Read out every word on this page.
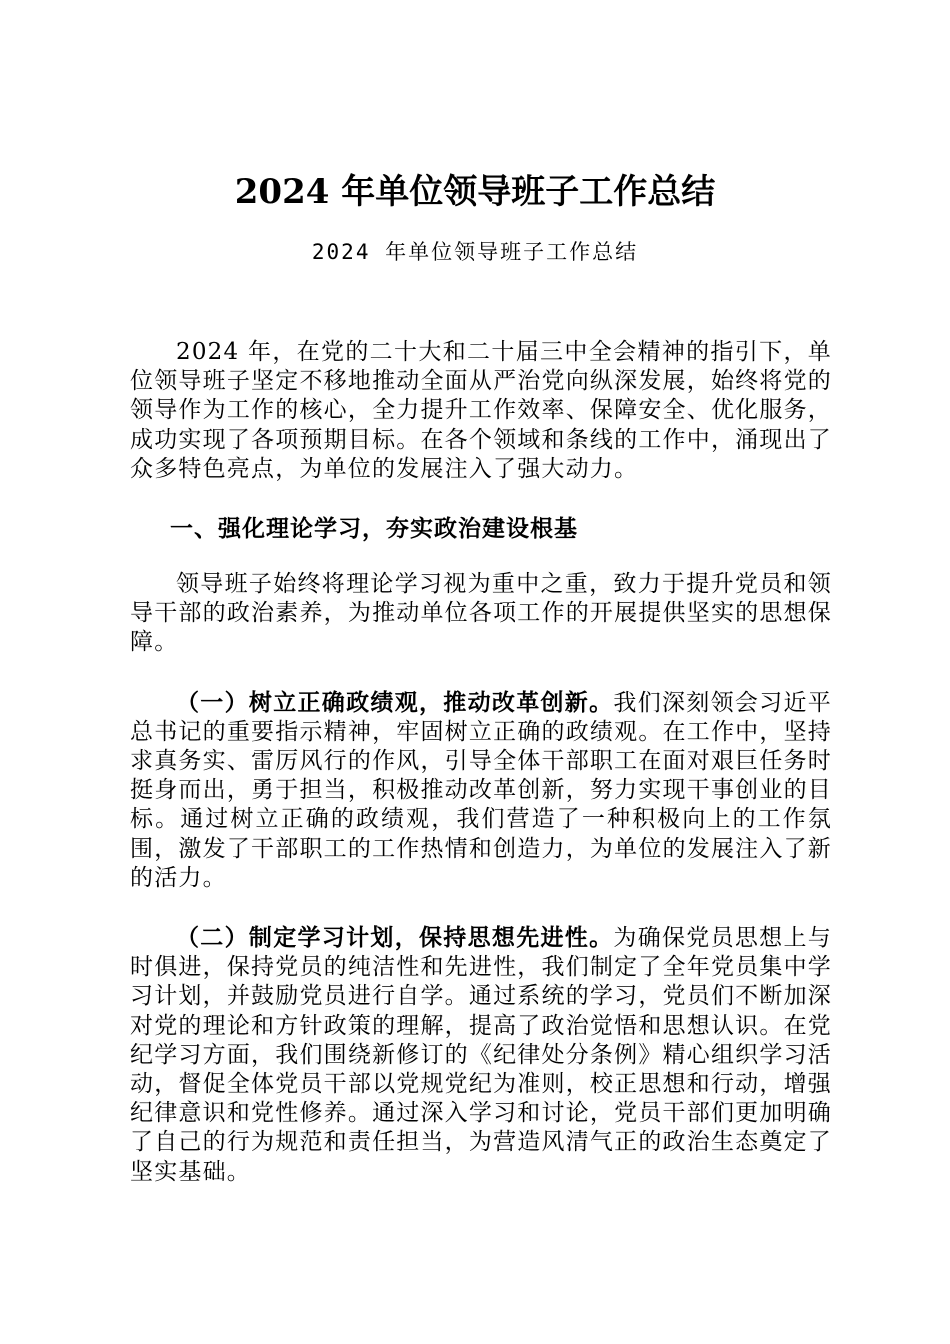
2024 年单位领导班子工作总结

2024 年单位领导班子工作总结

2024 年，在党的二十大和二十届三中全会精神的指引下，单位领导班子坚定不移地推动全面从严治党向纵深发展，始终将党的领导作为工作的核心，全力提升工作效率、保障安全、优化服务，成功实现了各项预期目标。在各个领域和条线的工作中，涌现出了众多特色亮点，为单位的发展注入了强大动力。

一、强化理论学习，夯实政治建设根基

领导班子始终将理论学习视为重中之重，致力于提升党员和领导干部的政治素养，为推动单位各项工作的开展提供坚实的思想保障。

（一）树立正确政绩观，推动改革创新。我们深刻领会习近平总书记的重要指示精神，牢固树立正确的政绩观。在工作中，坚持求真务实、雷厉风行的作风，引导全体干部职工在面对艰巨任务时挺身而出，勇于担当，积极推动改革创新，努力实现干事创业的目标。通过树立正确的政绩观，我们营造了一种积极向上的工作氛围，激发了干部职工的工作热情和创造力，为单位的发展注入了新的活力。

（二）制定学习计划，保持思想先进性。为确保党员思想上与时俱进，保持党员的纯洁性和先进性，我们制定了全年党员集中学习计划，并鼓励党员进行自学。通过系统的学习，党员们不断加深对党的理论和方针政策的理解，提高了政治觉悟和思想认识。在党纪学习方面，我们围绕新修订的《纪律处分条例》精心组织学习活动，督促全体党员干部以党规党纪为准则，校正思想和行动，增强纪律意识和党性修养。通过深入学习和讨论，党员干部们更加明确了自己的行为规范和责任担当，为营造风清气正的政治生态奠定了坚实基础。
